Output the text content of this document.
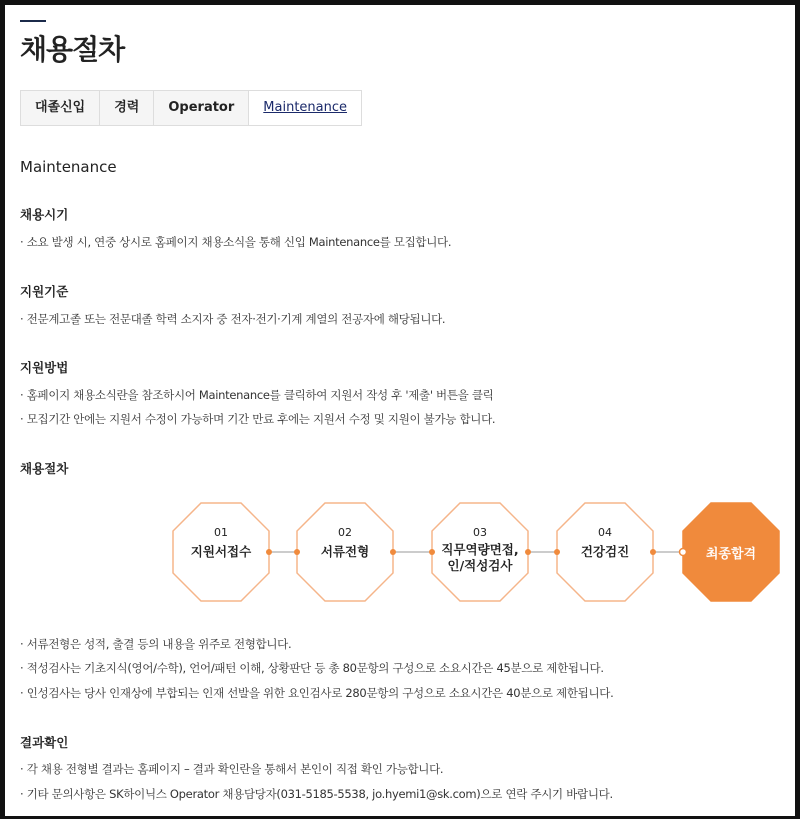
채용절차
대졸신입	경력	Operator	Maintenance
Maintenance
채용시기
· 소요 발생 시, 연중 상시로 홈페이지 채용소식을 통해 신입 Maintenance를 모집합니다.
지원기준
· 전문계고졸 또는 전문대졸 학력 소지자 중 전자·전기·기계 계열의 전공자에 해당됩니다.
지원방법
· 홈페이지 채용소식란을 참조하시어 Maintenance를 클릭하여 지원서 작성 후 '제출' 버튼을 클릭
· 모집기간 안에는 지원서 수정이 가능하며 기간 만료 후에는 지원서 수정 및 지원이 불가능 합니다.
채용절차
01
지원서접수
02
서류전형
03
직무역량면접,
인/적성검사
04
건강검진	최종합격
· 서류전형은 성적, 출결 등의 내용을 위주로 전형합니다.
· 적성검사는 기초지식(영어/수학), 언어/패턴 이해, 상황판단 등 총 80문항의 구성으로 소요시간은 45분으로 제한됩니다.
· 인성검사는 당사 인재상에 부합되는 인재 선발을 위한 요인검사로 280문항의 구성으로 소요시간은 40분으로 제한됩니다.
결과확인
· 각 채용 전형별 결과는 홈페이지 – 결과 확인란을 통해서 본인이 직접 확인 가능합니다.
· 기타 문의사항은 SK하이닉스 Operator 채용담당자(031-5185-5538, jo.hyemi1@sk.com)으로 연락 주시기 바랍니다.
